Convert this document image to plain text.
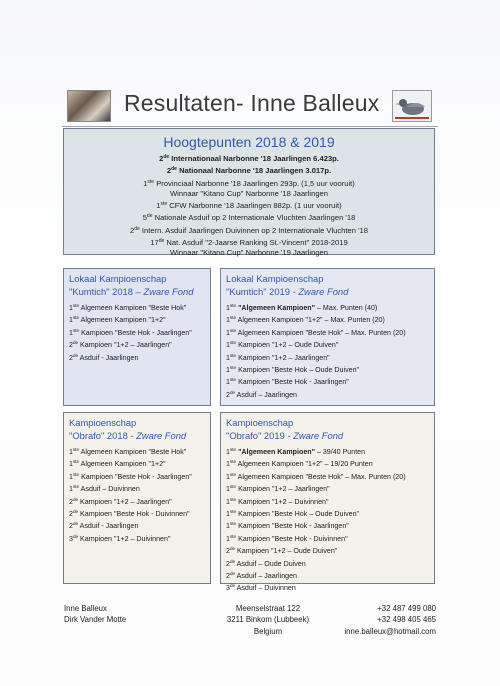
Resultaten- Inne Balleux
Hoogtepunten 2018 & 2019
2de Internationaal Narbonne '18 Jaarlingen 6.423p.
2de Nationaal Narbonne '18 Jaarlingen 3.017p.
1ste Provinciaal Narbonne '18 Jaarlingen 293p. (1,5 uur vooruit)
Winnaar "Kitano Cup" Narbonne '18 Jaarlingen
1ste CFW Narbonne '18 Jaarlingen 882p. (1 uur vooruit)
5de Nationale Asduif op 2 Internationale Vluchten Jaarlingen '18
2de Intern. Asduif Jaarlingen Duivinnen op 2 Internationale Vluchten '18
17de Nat. Asduif "2-Jaarse Ranking St.-Vincent" 2018-2019
Winnaar "Kitano Cup" Narbonne '19 Jaarlingen
Lokaal Kampioenschap
"Kumtich" 2018 – Zware Fond
1ste Algemeen Kampioen "Beste Hok"
1ste Algemeen Kampioen "1+2"
1ste Kampioen "Beste Hok - Jaarlingen"
2de Kampioen "1+2 – Jaarlingen"
2de Asduif - Jaarlingen
Lokaal Kampioenschap
"Kumtich" 2019 - Zware Fond
1ste "Algemeen Kampioen" – Max. Punten (40)
1ste Algemeen Kampioen "1+2" – Max. Punten (20)
1ste Algemeen Kampioen "Beste Hok" – Max. Punten (20)
1ste Kampioen "1+2 – Oude Duiven"
1ste Kampioen "1+2 – Jaarlingen"
1ste Kampioen "Beste Hok – Oude Duiven"
1ste Kampioen "Beste Hok - Jaarlingen"
2de Asduif – Jaarlingen
Kampioenschap
"Obrafo" 2018 - Zware Fond
1ste Algemeen Kampioen "Beste Hok"
1ste Algemeen Kampioen "1+2"
1ste Kampioen "Beste Hok - Jaarlingen"
1ste Asduif – Duivinnen
2de Kampioen "1+2 – Jaarlingen"
2de Kampioen "Beste Hok - Duivinnen"
2de Asduif - Jaarlingen
3de Kampioen "1+2 – Duivinnen"
Kampioenschap
"Obrafo" 2019 - Zware Fond
1ste "Algemeen Kampioen" – 39/40 Punten
1ste Algemeen Kampioen "1+2" – 19/20 Punten
1ste Algemeen Kampioen "Beste Hok" – Max. Punten (20)
1ste Kampioen "1+2 – Jaarlingen"
1ste Kampioen "1+2 – Duivinnen"
1ste Kampioen "Beste Hok – Oude Duiven"
1ste Kampioen "Beste Hok - Jaarlingen"
1ste Kampioen "Beste Hok - Duivinnen"
2de Kampioen "1+2 – Oude Duiven"
2de Asduif – Oude Duiven
2de Asduif – Jaarlingen
3de Asduif – Duivinnen
Inne Balleux
Dirk Vander Motte
Meenselstraat 122
3211 Binkom (Lubbeek)
Belgium
+32 487 499 080
+32 498 405 465
inne.balleux@hotmail.com
